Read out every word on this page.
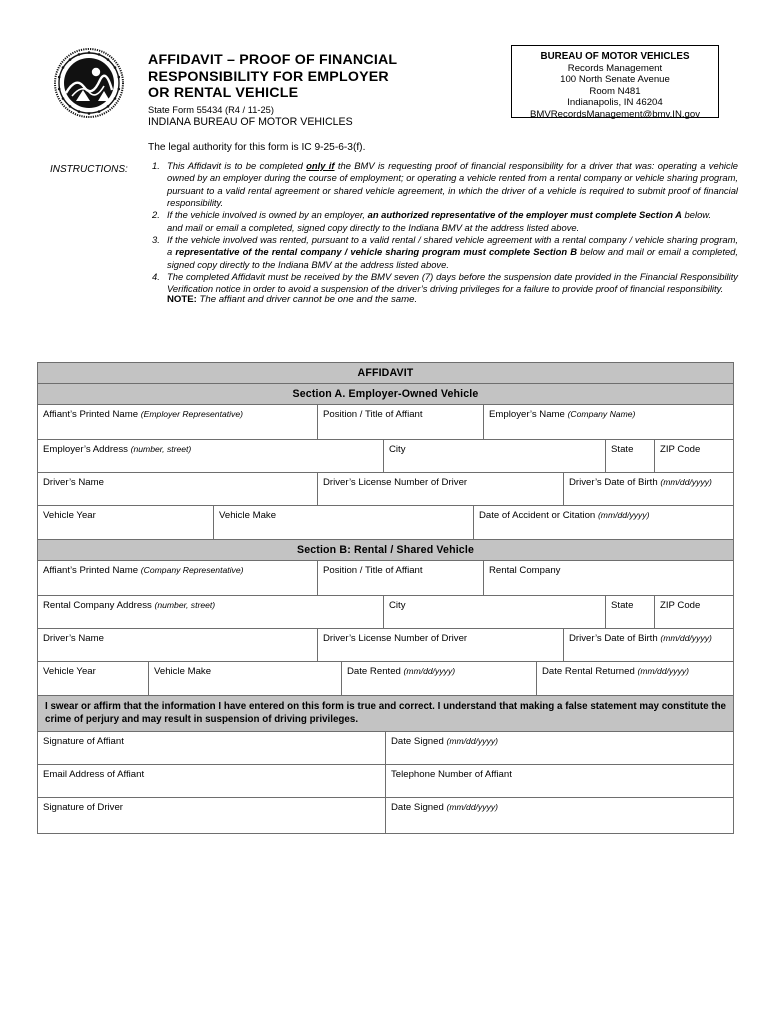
AFFIDAVIT – PROOF OF FINANCIAL
RESPONSIBILITY FOR EMPLOYER
OR RENTAL VEHICLE
State Form 55434 (R4 / 11-25)
INDIANA BUREAU OF MOTOR VEHICLES
The legal authority for this form is IC 9-25-6-3(f).
BUREAU OF MOTOR VEHICLES
Records Management
100 North Senate Avenue
Room N481
Indianapolis, IN 46204
BMVRecordsManagement@bmv.IN.gov
INSTRUCTIONS:	1. This Affidavit is to be completed only if the BMV is requesting proof of financial responsibility for a driver that was: operating a vehicle owned by an employer during the course of employment; or operating a vehicle rented from a rental company or vehicle sharing program, pursuant to a valid rental agreement or shared vehicle agreement, in which the driver of a vehicle is required to submit proof of financial responsibility.
2. If the vehicle involved is owned by an employer, an authorized representative of the employer must complete Section A below.
and mail or email a completed, signed copy directly to the Indiana BMV at the address listed above.
3. If the vehicle involved was rented, pursuant to a valid rental / shared vehicle agreement with a rental company / vehicle sharing program, a representative of the rental company / vehicle sharing program must complete Section B below and mail or email a completed, signed copy directly to the Indiana BMV at the address listed above.
4. The completed Affidavit must be received by the BMV seven (7) days before the suspension date provided in the Financial Responsibility Verification notice in order to avoid a suspension of the driver’s driving privileges for a failure to provide proof of financial responsibility.
NOTE: The affiant and driver cannot be one and the same.
AFFIDAVIT
Section A. Employer-Owned Vehicle
Affiant’s Printed Name (Employer Representative)	Position / Title of Affiant	Employer’s Name (Company Name)
Employer’s Address (number, street)	City	State	ZIP Code
Driver’s Name	Driver’s License Number of Driver	Driver’s Date of Birth (mm/dd/yyyy)
Vehicle Year	Vehicle Make	Date of Accident or Citation (mm/dd/yyyy)
Section B: Rental / Shared Vehicle
Affiant’s Printed Name (Company Representative)	Position / Title of Affiant	Rental Company
Rental Company Address (number, street)	City	State	ZIP Code
Driver’s Name	Driver’s License Number of Driver	Driver’s Date of Birth (mm/dd/yyyy)
Vehicle Year	Vehicle Make	Date Rented (mm/dd/yyyy)	Date Rental Returned (mm/dd/yyyy)
I swear or affirm that the information I have entered on this form is true and correct. I understand that making a false statement may constitute the crime of perjury and may result in suspension of driving privileges.
Signature of Affiant	Date Signed (mm/dd/yyyy)
Email Address of Affiant	Telephone Number of Affiant
Signature of Driver	Date Signed (mm/dd/yyyy)
